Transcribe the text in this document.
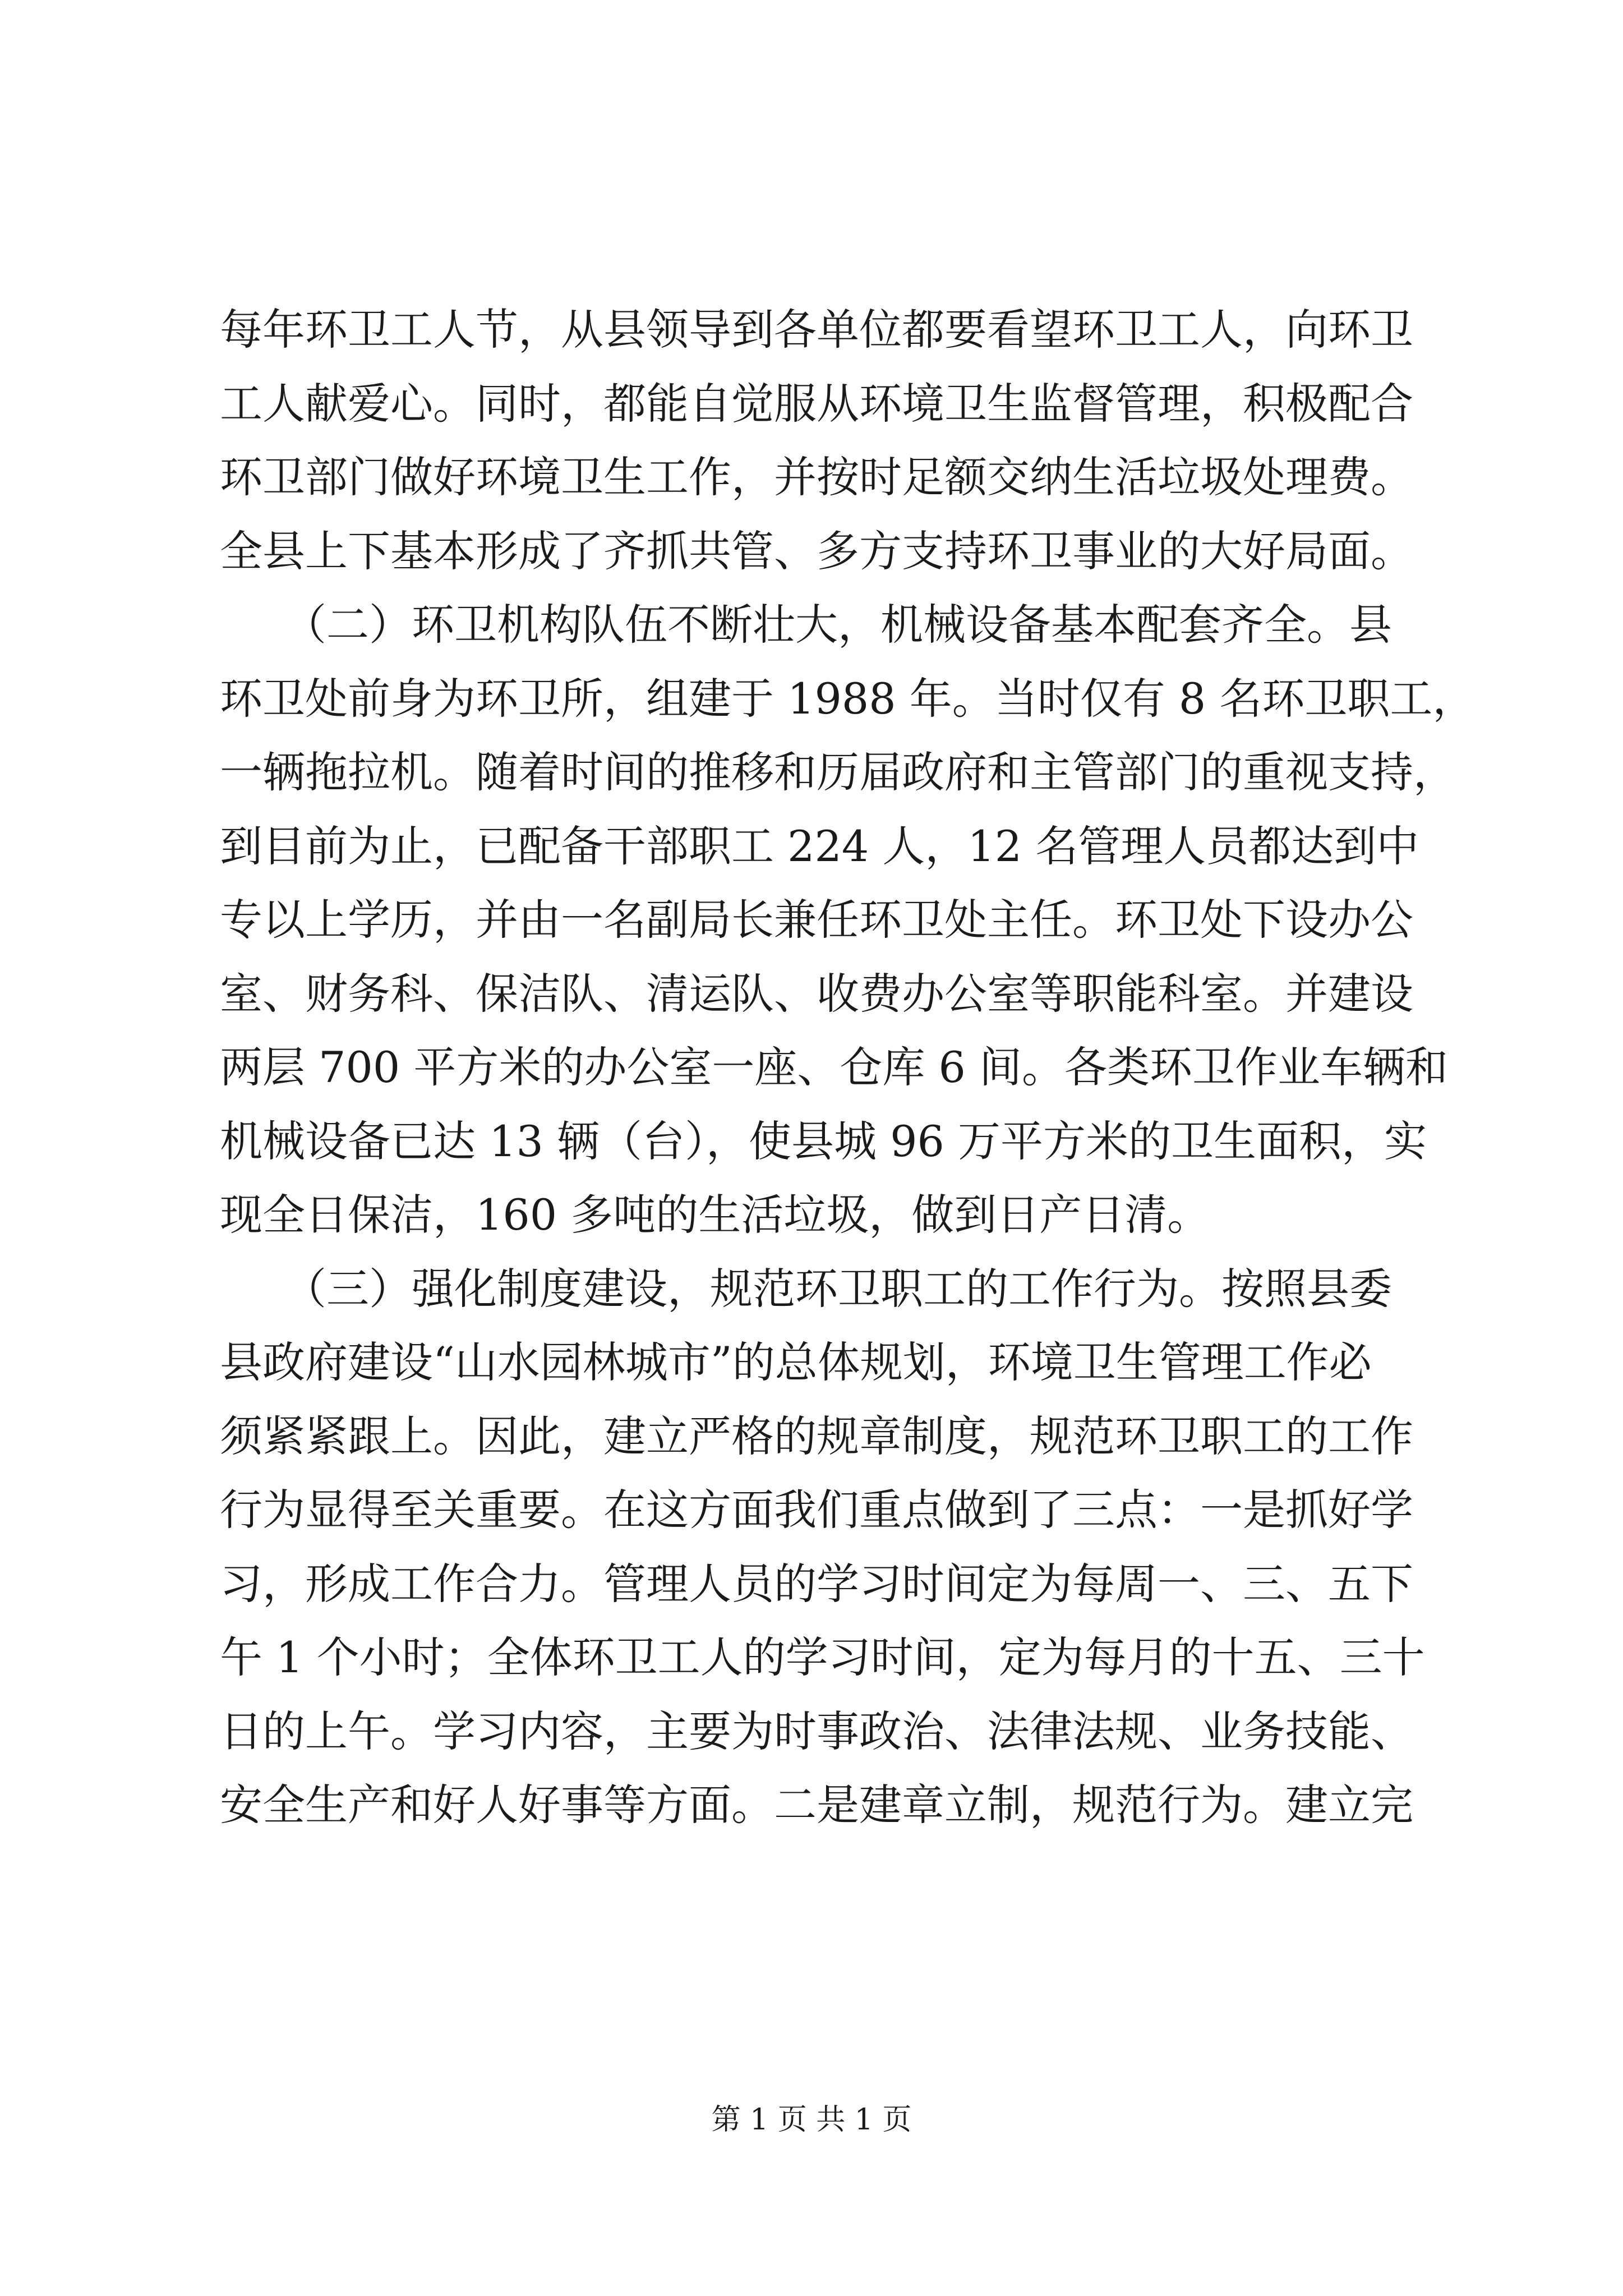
每年环卫工人节，从县领导到各单位都要看望环卫工人，向环卫
工人献爱心。同时，都能自觉服从环境卫生监督管理，积极配合
环卫部门做好环境卫生工作，并按时足额交纳生活垃圾处理费。
全县上下基本形成了齐抓共管、多方支持环卫事业的大好局面。
　　（二）环卫机构队伍不断壮大，机械设备基本配套齐全。县
环卫处前身为环卫所，组建于 1988 年。当时仅有 8 名环卫职工，
一辆拖拉机。随着时间的推移和历届政府和主管部门的重视支持，
到目前为止，已配备干部职工 224 人，12 名管理人员都达到中
专以上学历，并由一名副局长兼任环卫处主任。环卫处下设办公
室、财务科、保洁队、清运队、收费办公室等职能科室。并建设
两层 700 平方米的办公室一座、仓库 6 间。各类环卫作业车辆和
机械设备已达 13 辆（台），使县城 96 万平方米的卫生面积，实
现全日保洁，160 多吨的生活垃圾，做到日产日清。
　　（三）强化制度建设，规范环卫职工的工作行为。按照县委
县政府建设“山水园林城市”的总体规划，环境卫生管理工作必
须紧紧跟上。因此，建立严格的规章制度，规范环卫职工的工作
行为显得至关重要。在这方面我们重点做到了三点：一是抓好学
习，形成工作合力。管理人员的学习时间定为每周一、三、五下
午 1 个小时；全体环卫工人的学习时间，定为每月的十五、三十
日的上午。学习内容，主要为时事政治、法律法规、业务技能、
安全生产和好人好事等方面。二是建章立制，规范行为。建立完
第 1 页 共 1 页
